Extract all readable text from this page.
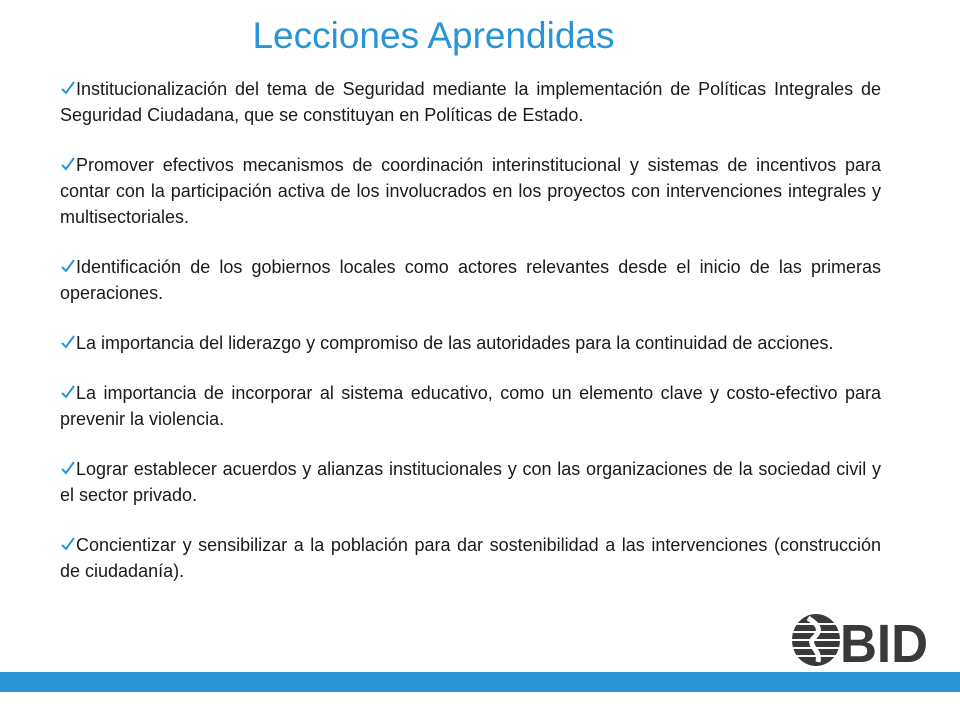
Lecciones Aprendidas
Institucionalización del tema de Seguridad mediante la implementación de Políticas Integrales de Seguridad Ciudadana, que se constituyan en Políticas de Estado.
Promover efectivos mecanismos de coordinación interinstitucional y sistemas de incentivos para contar con la participación activa de los involucrados en los proyectos con intervenciones integrales y multisectoriales.
Identificación de los gobiernos locales como actores relevantes desde el inicio de las primeras operaciones.
La importancia del liderazgo y compromiso de las autoridades para la continuidad de acciones.
La importancia de incorporar al sistema educativo, como un elemento clave y costo-efectivo para prevenir la violencia.
Lograr establecer acuerdos y alianzas institucionales y con las organizaciones de la sociedad civil y el sector privado.
Concientizar y sensibilizar a la población para dar sostenibilidad a las intervenciones (construcción de ciudadanía).
BID
